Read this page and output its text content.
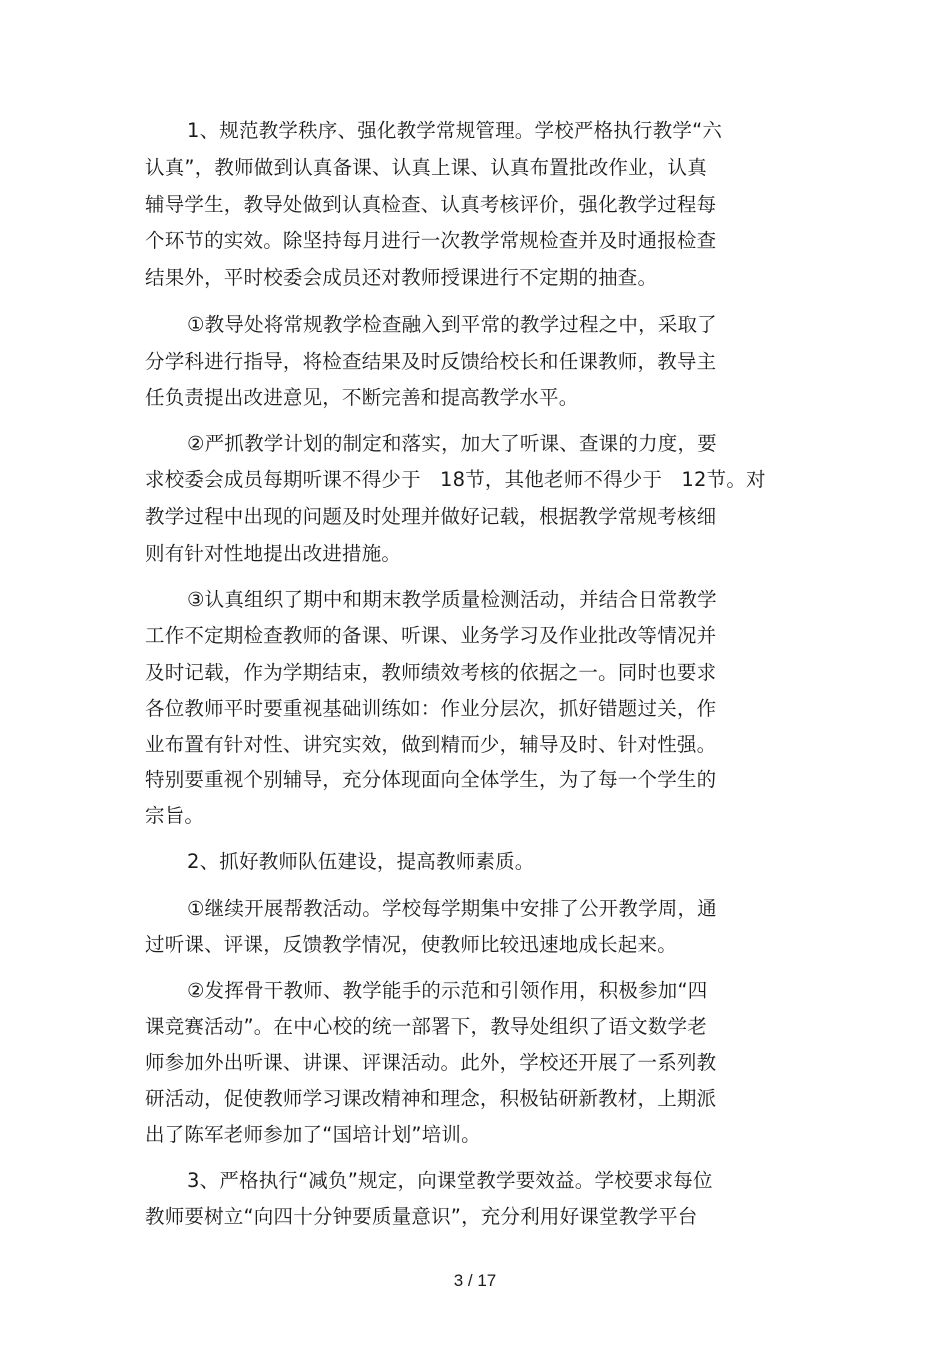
1、规范教学秩序、强化教学常规管理。学校严格执行教学“六
认真”，教师做到认真备课、认真上课、认真布置批改作业，认真
辅导学生，教导处做到认真检查、认真考核评价，强化教学过程每
个环节的实效。除坚持每月进行一次教学常规检查并及时通报检查
结果外，平时校委会成员还对教师授课进行不定期的抽查。
①教导处将常规教学检查融入到平常的教学过程之中，采取了
分学科进行指导，将检查结果及时反馈给校长和任课教师，教导主
任负责提出改进意见，不断完善和提高教学水平。
②严抓教学计划的制定和落实，加大了听课、查课的力度，要
求校委会成员每期听课不得少于   18节，其他老师不得少于   12节。对
教学过程中出现的问题及时处理并做好记载，根据教学常规考核细
则有针对性地提出改进措施。
③认真组织了期中和期末教学质量检测活动，并结合日常教学
工作不定期检查教师的备课、听课、业务学习及作业批改等情况并
及时记载，作为学期结束，教师绩效考核的依据之一。同时也要求
各位教师平时要重视基础训练如：作业分层次，抓好错题过关，作
业布置有针对性、讲究实效，做到精而少，辅导及时、针对性强。
特别要重视个别辅导，充分体现面向全体学生，为了每一个学生的
宗旨。
2、抓好教师队伍建设，提高教师素质。
①继续开展帮教活动。学校每学期集中安排了公开教学周，通
过听课、评课，反馈教学情况，使教师比较迅速地成长起来。
②发挥骨干教师、教学能手的示范和引领作用，积极参加“四
课竞赛活动”。在中心校的统一部署下，教导处组织了语文数学老
师参加外出听课、讲课、评课活动。此外，学校还开展了一系列教
研活动，促使教师学习课改精神和理念，积极钻研新教材，上期派
出了陈军老师参加了“国培计划”培训。
3、严格执行“减负”规定，向课堂教学要效益。学校要求每位
教师要树立“向四十分钟要质量意识”，充分利用好课堂教学平台
3 / 17
